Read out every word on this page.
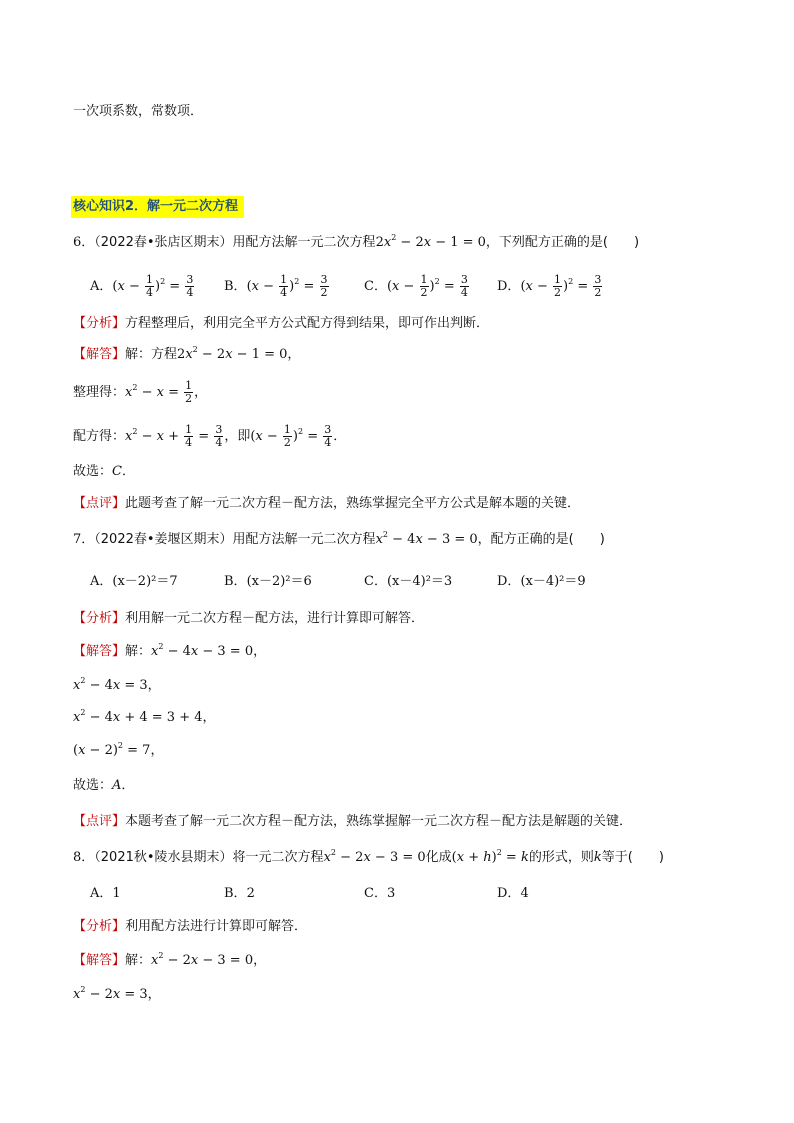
一次项系数，常数项．
核心知识2．解一元二次方程
6．（2022春•张店区期末）用配方法解一元二次方程$2x^2 - 2x - 1 = 0$，下列配方正确的是(　　)
A．$(x - \frac{1}{4} )^2 = \frac{3}{4}$ B．$(x - \frac{1}{4} )^2 = \frac{3}{2}$	C．$(x - \frac{1}{2} )^2 = \frac{3}{4}$ D．$(x - \frac{1}{2} )^2 = \frac{3}{2}$
【分析】方程整理后，利用完全平方公式配方得到结果，即可作出判断．
【解答】解：方程$2x^2 - 2x - 1 = 0$，
整理得：$x^2 - x = \frac{1}{2}$ ，
配方得：$x^2 - x + \frac{1}{4} = \frac{3}{4}$ ，即$(x - \frac{1}{2} )^2 = \frac{3}{4}$ ．
故选：C．
【点评】此题考查了解一元二次方程－配方法，熟练掌握完全平方公式是解本题的关键．
7．（2022春•姜堰区期末）用配方法解一元二次方程$x^2 - 4x - 3 = 0$，配方正确的是(　　)
A．(x－2)²＝7	B．(x－2)²＝6	C．(x－4)²＝3	D．(x－4)²＝9
【分析】利用解一元二次方程－配方法，进行计算即可解答．
【解答】解：$x^2 - 4x - 3 = 0$，
$x^2 - 4x = 3$，
$x^2 - 4x + 4 = 3 + 4$，
$(x - 2)^2 = 7$，
故选：A．
【点评】本题考查了解一元二次方程－配方法，熟练掌握解一元二次方程－配方法是解题的关键．
8．（2021秋•陵水县期末）将一元二次方程$x^2 - 2x - 3 = 0$化成$(x + h)^2 = k$的形式，则k等于(　　)
A．1	B．2	C．3	D．4
【分析】利用配方法进行计算即可解答．
【解答】解：$x^2 - 2x - 3 = 0$，
$x^2 - 2x = 3$，
